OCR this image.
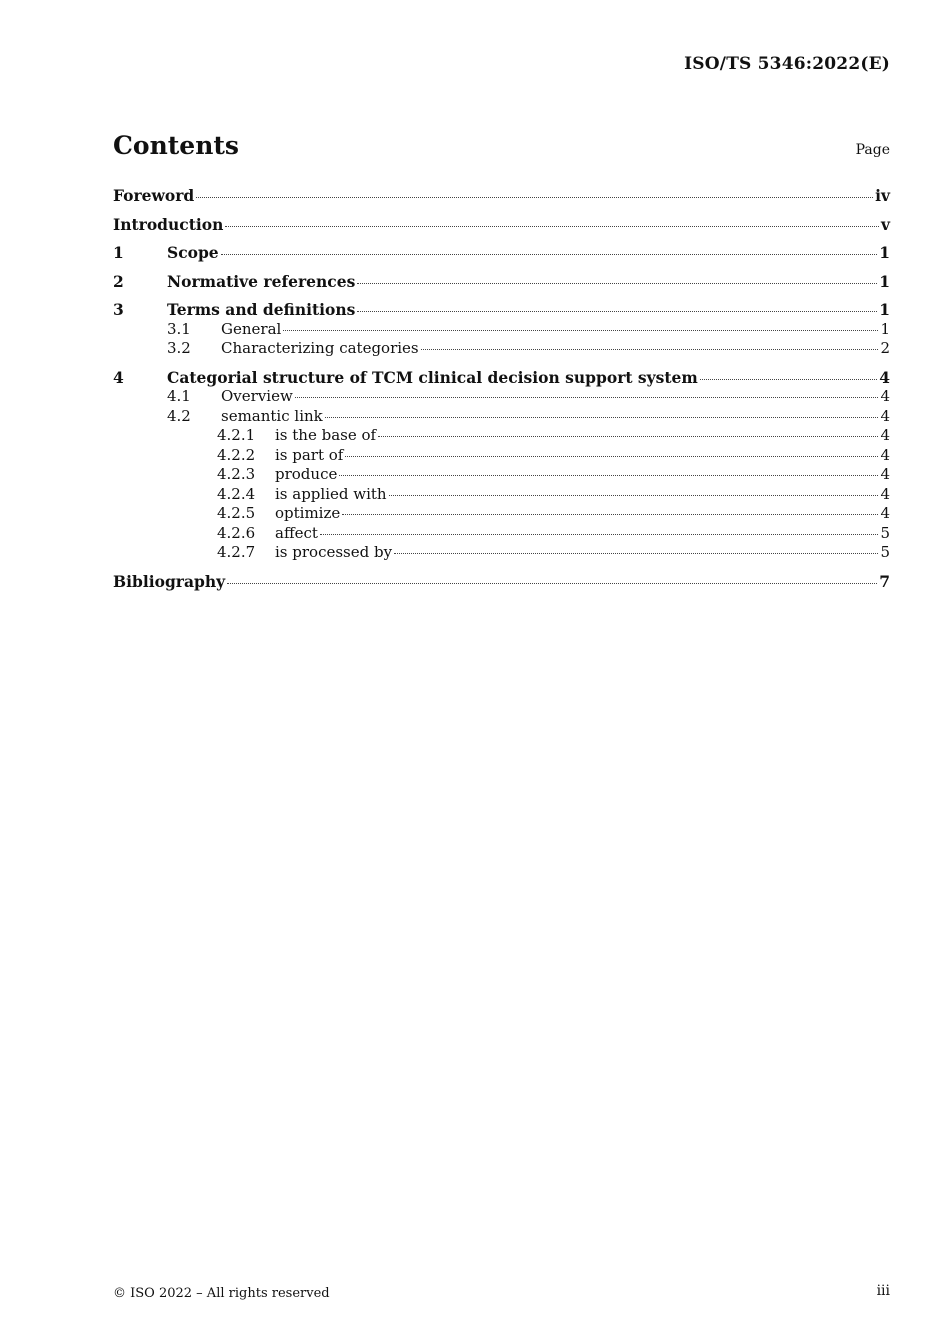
ISO/TS 5346:2022(E)
Contents	Page
Foreword	iv
Introduction	v
1	Scope	1
2	Normative references	1
3	Terms and definitions	1
3.1	General	1
3.2	Characterizing categories	2
4	Categorial structure of TCM clinical decision support system	4
4.1	Overview	4
4.2	semantic link	4
4.2.1	is the base of	4
4.2.2	is part of	4
4.2.3	produce	4
4.2.4	is applied with	4
4.2.5	optimize	4
4.2.6	affect	5
4.2.7	is processed by	5
Bibliography	7
© ISO 2022 – All rights reserved	iii
